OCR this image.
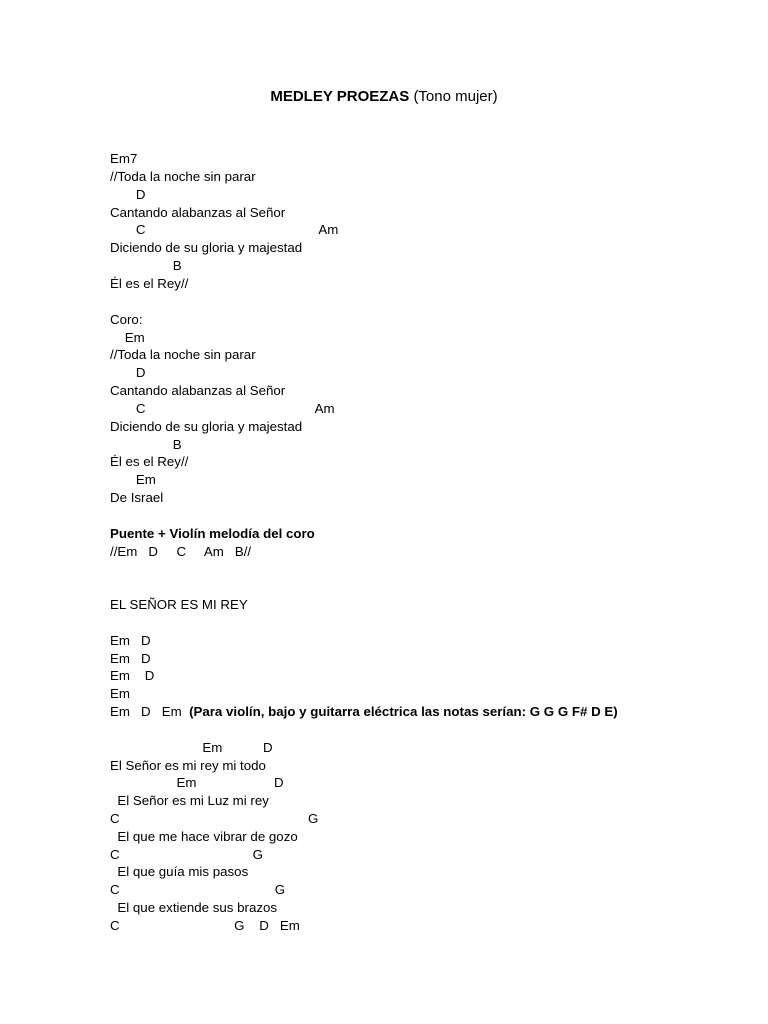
MEDLEY PROEZAS (Tono mujer)
Em7
//Toda la noche sin parar
D
Cantando alabanzas al Señor
C                                               Am
Diciendo de su gloria y majestad
B
Él es el Rey//
Coro:
Em
//Toda la noche sin parar
D
Cantando alabanzas al Señor
C                                              Am
Diciendo de su gloria y majestad
B
Él es el Rey//
Em
De Israel
Puente + Violín melodía del coro
//Em   D     C     Am   B//
EL SEÑOR ES MI REY
Em   D
Em   D
Em    D
Em
Em   D   Em (Para violín, bajo y guitarra eléctrica las notas serían: G G G F# D E)
Em           D
El Señor es mi rey mi todo
Em                     D
El Señor es mi Luz mi rey
C                                                   G
El que me hace vibrar de gozo
C                                    G
El que guía mis pasos
C                                          G
El que extiende sus brazos
C                               G    D   Em
